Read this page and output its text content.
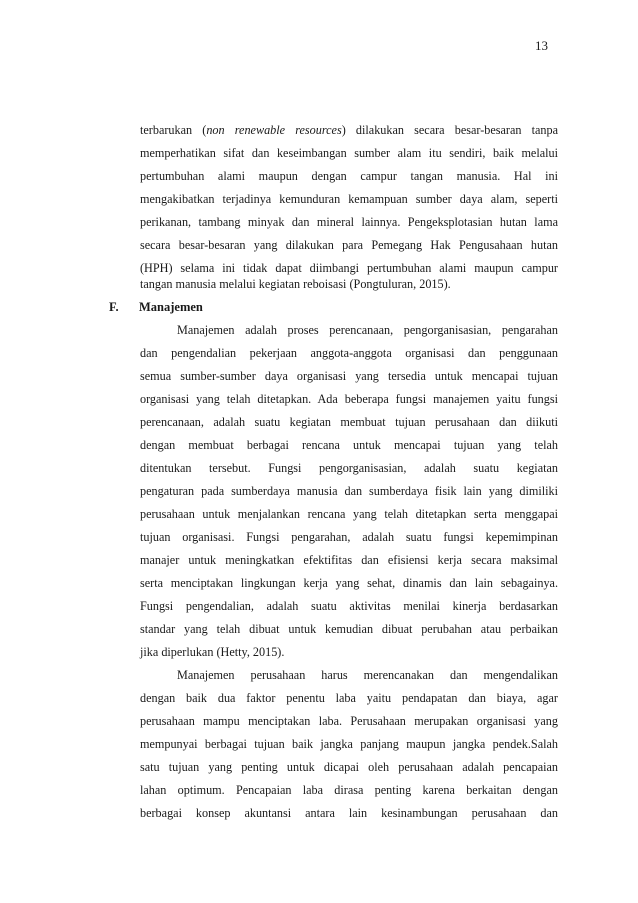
13
terbarukan (non renewable resources) dilakukan secara besar-besaran tanpa
memperhatikan sifat dan keseimbangan sumber alam itu sendiri, baik melalui
pertumbuhan alami maupun dengan campur tangan manusia. Hal ini
mengakibatkan terjadinya kemunduran kemampuan sumber daya alam, seperti
perikanan, tambang minyak dan mineral lainnya. Pengeksplotasian hutan lama
secara besar-besaran yang dilakukan para Pemegang Hak Pengusahaan hutan
(HPH) selama ini tidak dapat diimbangi pertumbuhan alami maupun campur
tangan manusia melalui kegiatan reboisasi (Pongtuluran, 2015).
F. Manajemen
Manajemen adalah proses perencanaan, pengorganisasian, pengarahan
dan pengendalian pekerjaan anggota-anggota organisasi dan penggunaan
semua sumber-sumber daya organisasi yang tersedia untuk mencapai tujuan
organisasi yang telah ditetapkan. Ada beberapa fungsi manajemen yaitu fungsi
perencanaan, adalah suatu kegiatan membuat tujuan perusahaan dan diikuti
dengan membuat berbagai rencana untuk mencapai tujuan yang telah
ditentukan tersebut. Fungsi pengorganisasian, adalah suatu kegiatan
pengaturan pada sumberdaya manusia dan sumberdaya fisik lain yang dimiliki
perusahaan untuk menjalankan rencana yang telah ditetapkan serta menggapai
tujuan organisasi. Fungsi pengarahan, adalah suatu fungsi kepemimpinan
manajer untuk meningkatkan efektifitas dan efisiensi kerja secara maksimal
serta menciptakan lingkungan kerja yang sehat, dinamis dan lain sebagainya.
Fungsi pengendalian, adalah suatu aktivitas menilai kinerja berdasarkan
standar yang telah dibuat untuk kemudian dibuat perubahan atau perbaikan
jika diperlukan (Hetty, 2015).
Manajemen perusahaan harus merencanakan dan mengendalikan
dengan baik dua faktor penentu laba yaitu pendapatan dan biaya, agar
perusahaan mampu menciptakan laba. Perusahaan merupakan organisasi yang
mempunyai berbagai tujuan baik jangka panjang maupun jangka pendek.Salah
satu tujuan yang penting untuk dicapai oleh perusahaan adalah pencapaian
lahan optimum. Pencapaian laba dirasa penting karena berkaitan dengan
berbagai konsep akuntansi antara lain kesinambungan perusahaan dan
